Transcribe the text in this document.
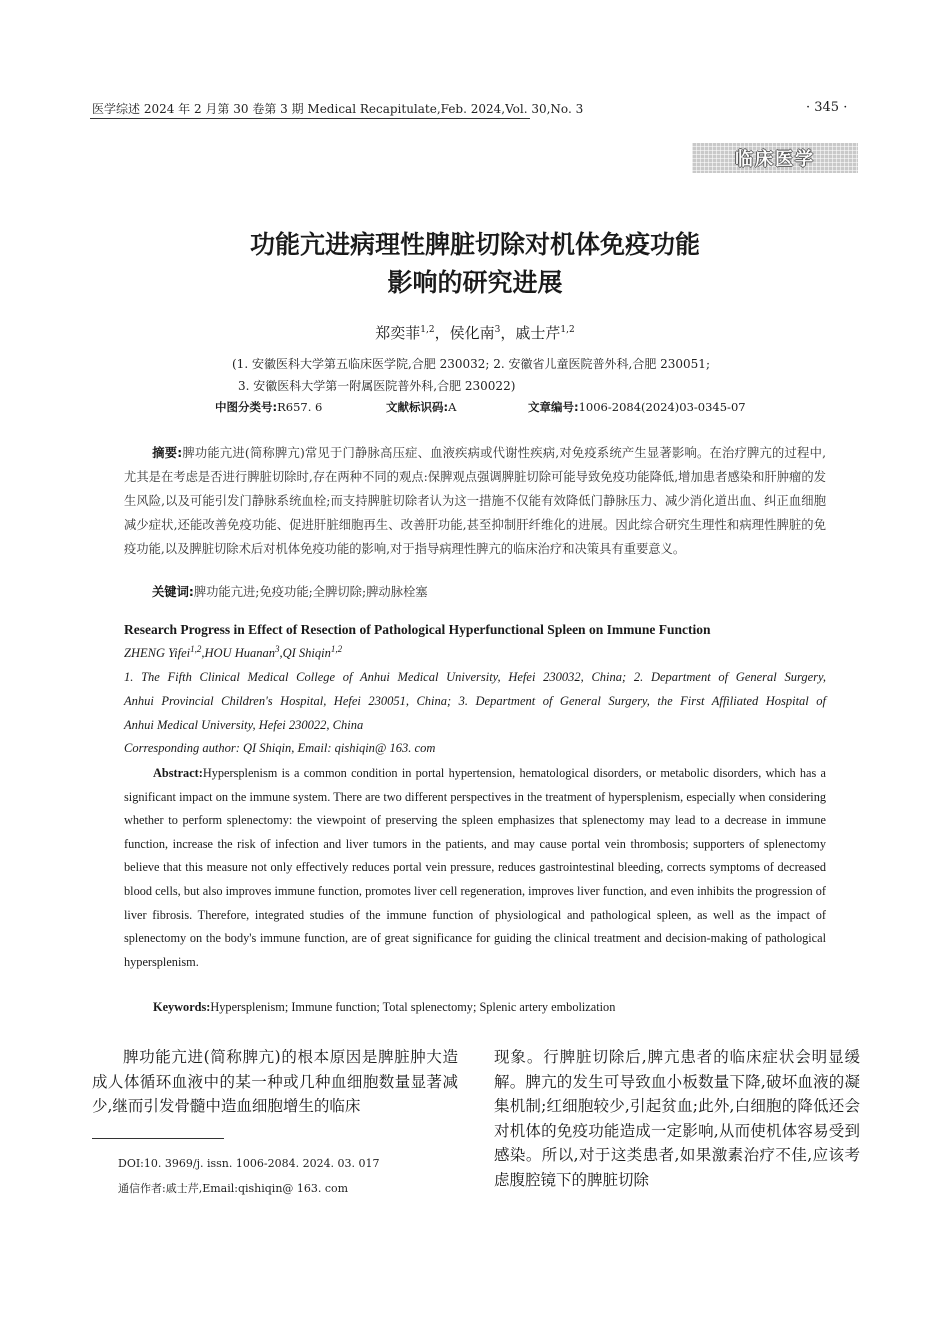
医学综述 2024 年 2 月第 30 卷第 3 期 Medical Recapitulate,Feb. 2024,Vol. 30,No. 3	· 345 ·
临床医学
功能亢进病理性脾脏切除对机体免疫功能
影响的研究进展
郑奕菲$^{1,2}$，侯化南$^3$，戚士芹$^{1,2}$
(1. 安徽医科大学第五临床医学院,合肥 230032; 2. 安徽省儿童医院普外科,合肥 230051;
3. 安徽医科大学第一附属医院普外科,合肥 230022)
中图分类号:R657. 6	文献标识码:A	文章编号:1006-2084(2024)03-0345-07
摘要:脾功能亢进(简称脾亢)常见于门静脉高压症、血液疾病或代谢性疾病,对免疫系统产生显著影响。在治疗脾亢的过程中,尤其是在考虑是否进行脾脏切除时,存在两种不同的观点:保脾观点强调脾脏切除可能导致免疫功能降低,增加患者感染和肝肿瘤的发生风险,以及可能引发门静脉系统血栓;而支持脾脏切除者认为这一措施不仅能有效降低门静脉压力、减少消化道出血、纠正血细胞减少症状,还能改善免疫功能、促进肝脏细胞再生、改善肝功能,甚至抑制肝纤维化的进展。因此综合研究生理性和病理性脾脏的免疫功能,以及脾脏切除术后对机体免疫功能的影响,对于指导病理性脾亢的临床治疗和决策具有重要意义。
关键词:脾功能亢进;免疫功能;全脾切除;脾动脉栓塞
Research Progress in Effect of Resection of Pathological Hyperfunctional Spleen on Immune Function
ZHENG Yifei$^{1,2}$,HOU Huanan$^3$,QI Shiqin$^{1,2}$
1. The Fifth Clinical Medical College of Anhui Medical University, Hefei 230032, China; 2. Department of General Surgery,
Anhui Provincial Children's Hospital, Hefei 230051, China; 3. Department of General Surgery, the First Affiliated Hospital of
Anhui Medical University, Hefei 230022, China
Corresponding author: QI Shiqin, Email: qishiqin@ 163. com
Abstract:Hypersplenism is a common condition in portal hypertension, hematological disorders, or metabolic disorders, which has a significant impact on the immune system. There are two different perspectives in the treatment of hypersplenism, especially when considering whether to perform splenectomy: the viewpoint of preserving the spleen emphasizes that splenectomy may lead to a decrease in immune function, increase the risk of infection and liver tumors in the patients, and may cause portal vein thrombosis; supporters of splenectomy believe that this measure not only effectively reduces portal vein pressure, reduces gastrointestinal bleeding, corrects symptoms of decreased blood cells, but also improves immune function, promotes liver cell regeneration, improves liver function, and even inhibits the progression of liver fibrosis. Therefore, integrated studies of the immune function of physiological and pathological spleen, as well as the impact of splenectomy on the body's immune function, are of great significance for guiding the clinical treatment and decision-making of pathological hypersplenism.
Keywords:Hypersplenism; Immune function; Total splenectomy; Splenic artery embolization
脾功能亢进(简称脾亢)的根本原因是脾脏肿大造成人体循环血液中的某一种或几种血细胞数量显著减少,继而引发骨髓中造血细胞增生的临床
现象。行脾脏切除后,脾亢患者的临床症状会明显缓解。脾亢的发生可导致血小板数量下降,破坏血液的凝集机制;红细胞较少,引起贫血;此外,白细胞的降低还会对机体的免疫功能造成一定影响,从而使机体容易受到感染。所以,对于这类患者,如果激素治疗不佳,应该考虑腹腔镜下的脾脏切除
DOI:10. 3969/j. issn. 1006-2084. 2024. 03. 017
通信作者:戚士芹,Email:qishiqin@ 163. com
